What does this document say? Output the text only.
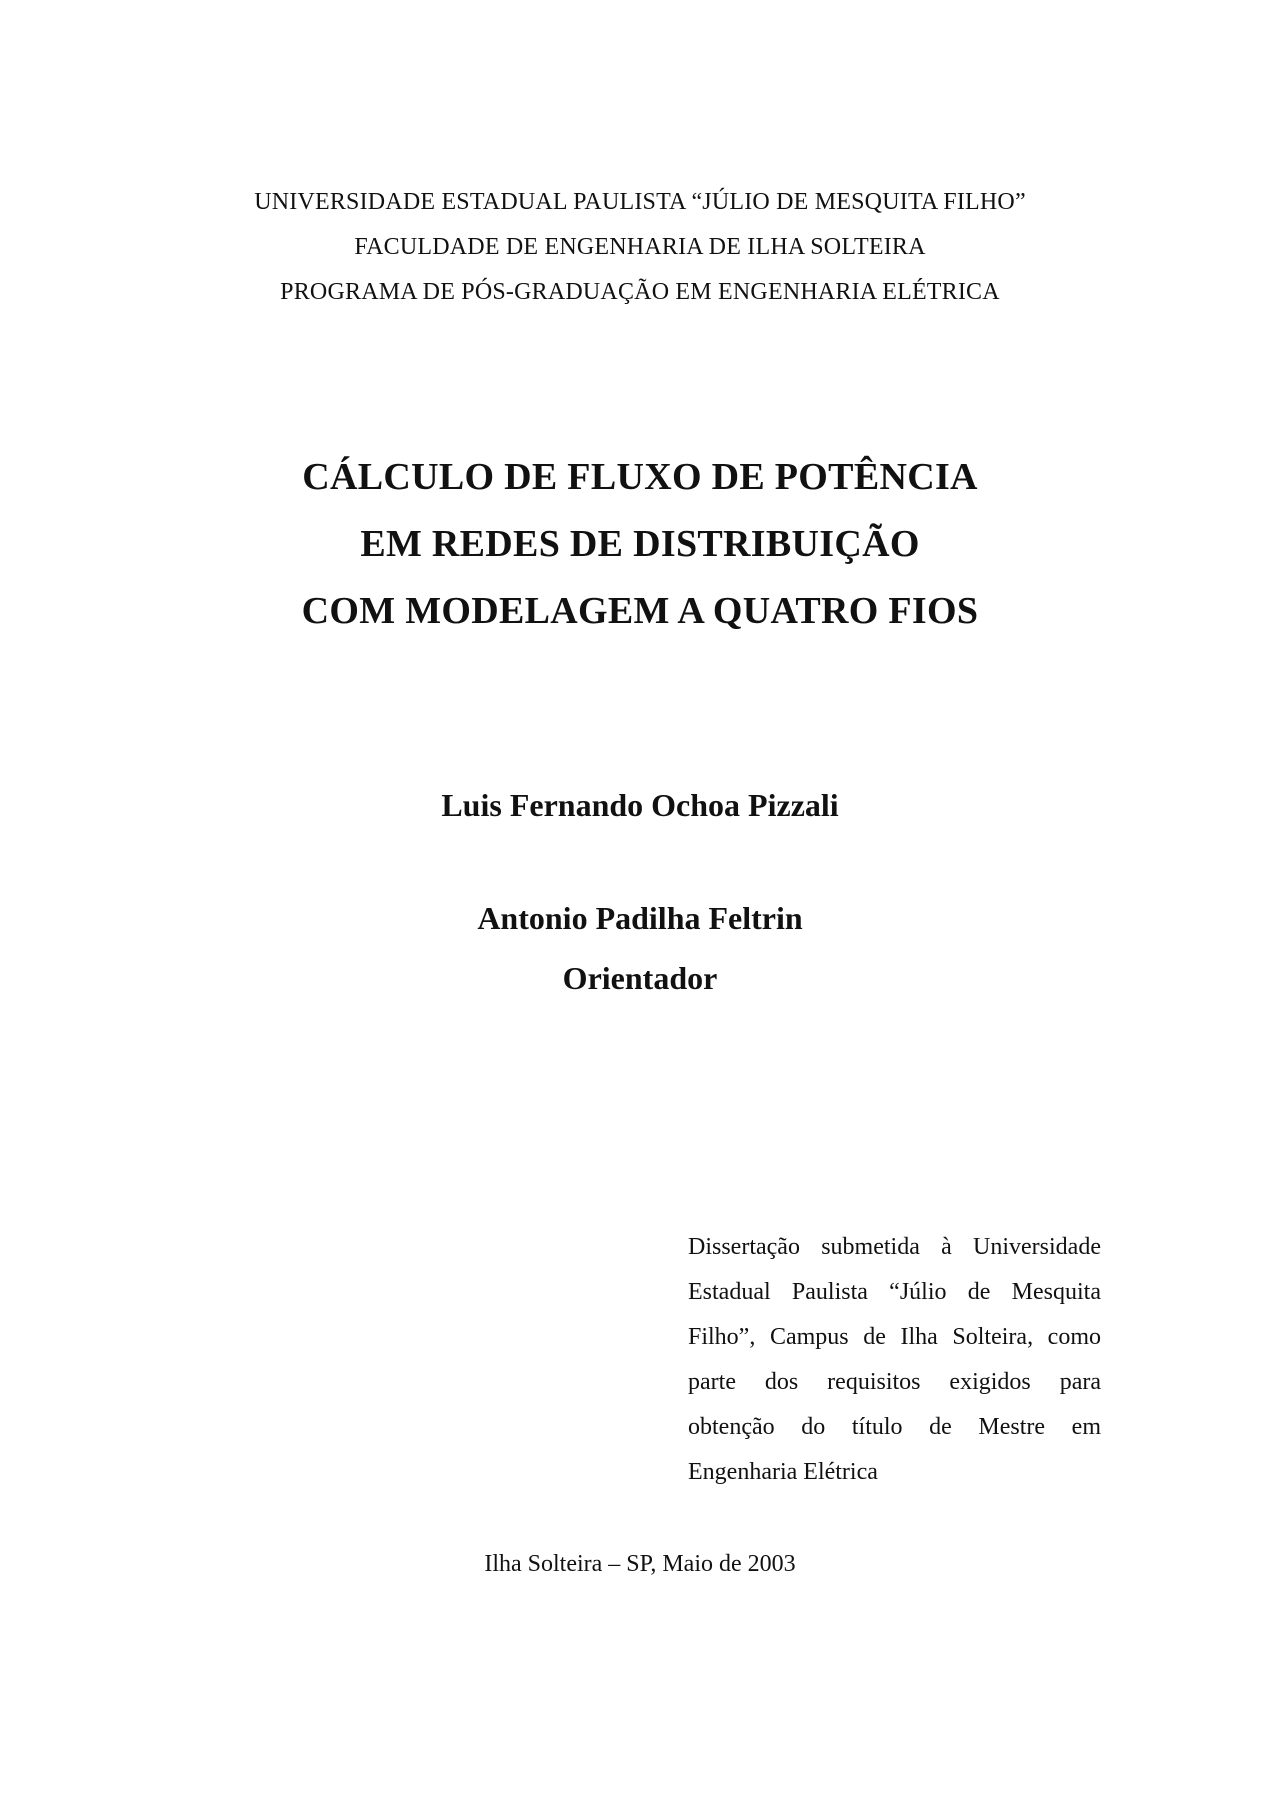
UNIVERSIDADE ESTADUAL PAULISTA “JÚLIO DE MESQUITA FILHO”
FACULDADE DE ENGENHARIA DE ILHA SOLTEIRA
PROGRAMA DE PÓS-GRADUAÇÃO EM ENGENHARIA ELÉTRICA
CÁLCULO DE FLUXO DE POTÊNCIA
EM REDES DE DISTRIBUIÇÃO
COM MODELAGEM A QUATRO FIOS
Luis Fernando Ochoa Pizzali
Antonio Padilha Feltrin
Orientador
Dissertação submetida à Universidade Estadual Paulista “Júlio de Mesquita Filho”, Campus de Ilha Solteira, como parte dos requisitos exigidos para obtenção do título de Mestre em Engenharia Elétrica
Ilha Solteira – SP, Maio de 2003
